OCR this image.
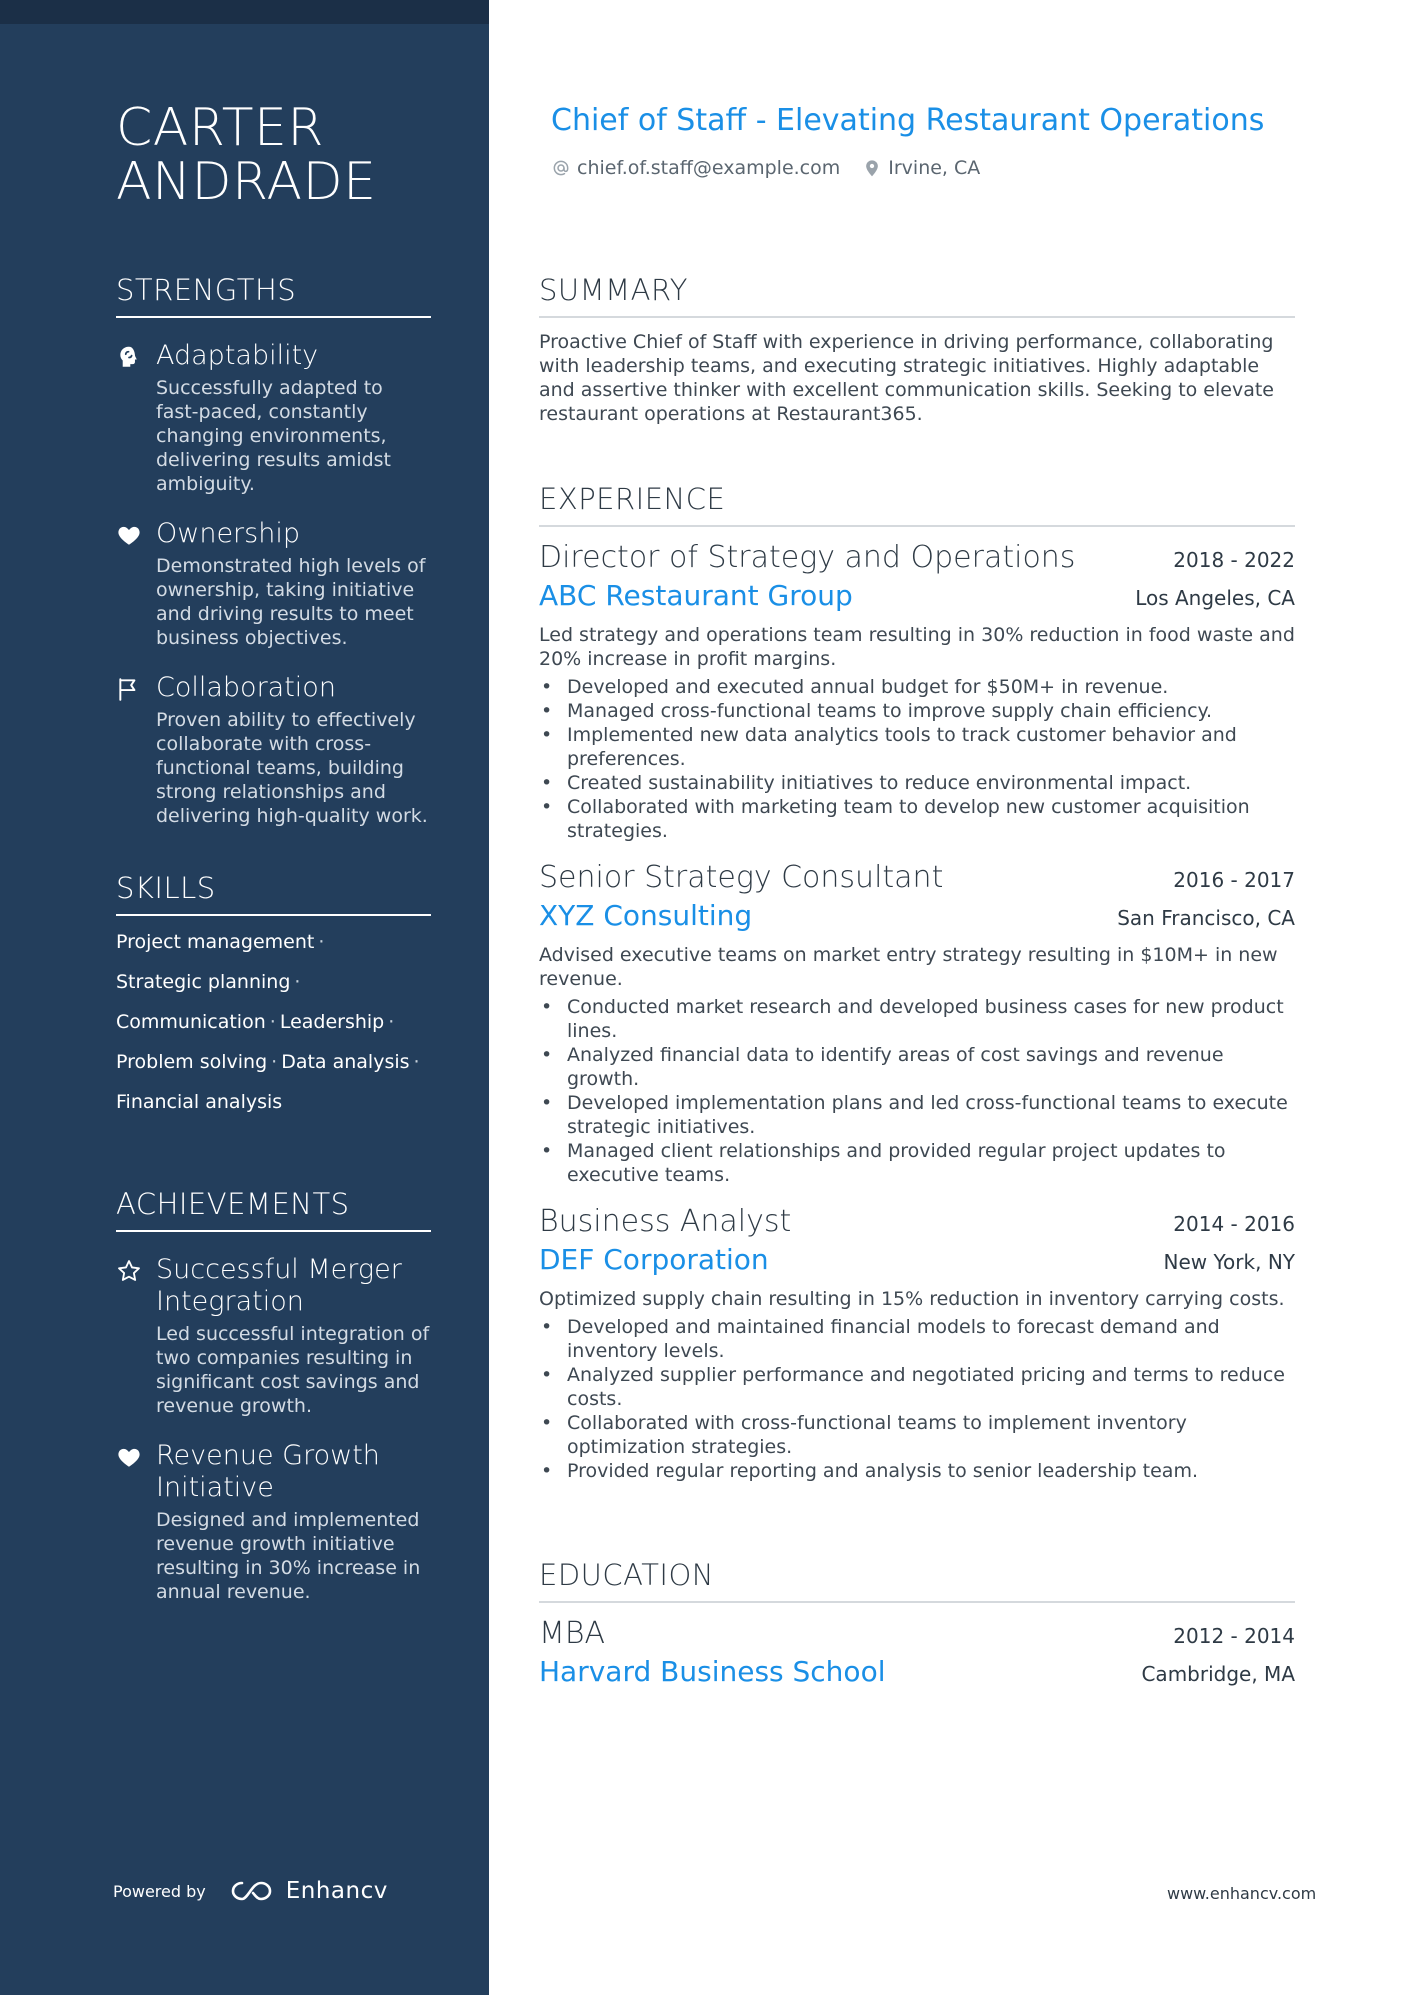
CARTER
ANDRADE
STRENGTHS
Adaptability
Successfully adapted to fast-paced, constantly changing environments, delivering results amidst ambiguity.
Ownership
Demonstrated high levels of ownership, taking initiative and driving results to meet business objectives.
Collaboration
Proven ability to effectively collaborate with cross-functional teams, building strong relationships and delivering high-quality work.
SKILLS
Project management ·
Strategic planning ·
Communication · Leadership ·
Problem solving · Data analysis ·
Financial analysis
ACHIEVEMENTS
Successful Merger Integration
Led successful integration of two companies resulting in significant cost savings and revenue growth.
Revenue Growth Initiative
Designed and implemented revenue growth initiative resulting in 30% increase in annual revenue.
Powered by	Enhancv
Chief of Staff - Elevating Restaurant Operations
chief.of.staff@example.com	Irvine, CA
SUMMARY

Proactive Chief of Staff with experience in driving performance, collaborating with leadership teams, and executing strategic initiatives. Highly adaptable and assertive thinker with excellent communication skills. Seeking to elevate restaurant operations at Restaurant365.

EXPERIENCE
Director of Strategy and Operations	2018 - 2022
ABC Restaurant Group	Los Angeles, CA

Led strategy and operations team resulting in 30% reduction in food waste and 20% increase in profit margins.

• Developed and executed annual budget for $50M+ in revenue.
• Managed cross-functional teams to improve supply chain efficiency.
• Implemented new data analytics tools to track customer behavior and preferences.
• Created sustainability initiatives to reduce environmental impact.
• Collaborated with marketing team to develop new customer acquisition strategies.
Senior Strategy Consultant	2016 - 2017
XYZ Consulting	San Francisco, CA

Advised executive teams on market entry strategy resulting in $10M+ in new revenue.

• Conducted market research and developed business cases for new product lines.
• Analyzed financial data to identify areas of cost savings and revenue growth.
• Developed implementation plans and led cross-functional teams to execute strategic initiatives.
• Managed client relationships and provided regular project updates to executive teams.
Business Analyst	2014 - 2016
DEF Corporation	New York, NY

Optimized supply chain resulting in 15% reduction in inventory carrying costs.

• Developed and maintained financial models to forecast demand and inventory levels.
• Analyzed supplier performance and negotiated pricing and terms to reduce costs.
• Collaborated with cross-functional teams to implement inventory optimization strategies.
• Provided regular reporting and analysis to senior leadership team.
EDUCATION
MBA	2012 - 2014
Harvard Business School	Cambridge, MA
www.enhancv.com
